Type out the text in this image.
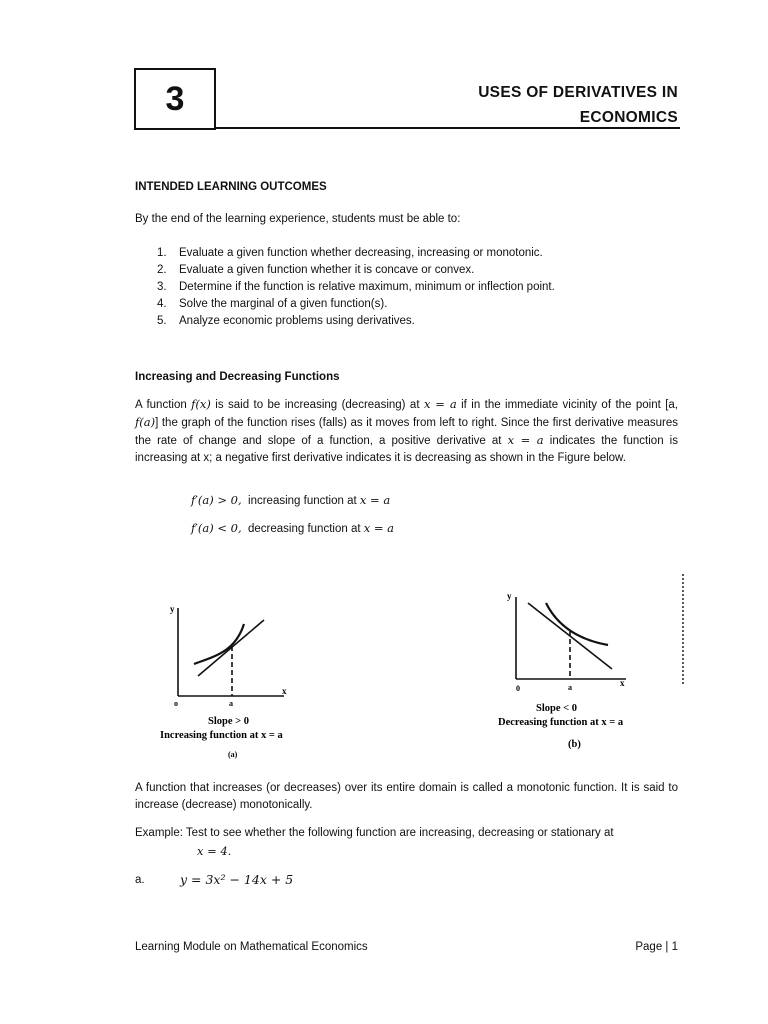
3	USES OF DERIVATIVES IN
ECONOMICS
INTENDED LEARNING OUTCOMES
By the end of the learning experience, students must be able to:
1.	Evaluate a given function whether decreasing, increasing or monotonic.
2.	Evaluate a given function whether it is concave or convex.
3.	Determine if the function is relative maximum, minimum or inflection point.
4.	Solve the marginal of a given function(s).
5.	Analyze economic problems using derivatives.
Increasing and Decreasing Functions
A function f(x) is said to be increasing (decreasing) at x = a if in the immediate vicinity of the point [a, f(a)] the graph of the function rises (falls) as it moves from left to right. Since the first derivative measures the rate of change and slope of a function, a positive derivative at x = a indicates the function is increasing at x; a negative first derivative indicates it is decreasing as shown in the Figure below.
f′(a) > 0, increasing function at x = a
f′(a) < 0, decreasing function at x = a
y
x
a
o
Slope > 0
Increasing function at x = a
(a)
y
x
a
0
Slope < 0
Decreasing function at x = a
(b)
A function that increases (or decreases) over its entire domain is called a monotonic function. It is said to increase (decrease) monotonically.
Example: Test to see whether the following function are increasing, decreasing or stationary at
x = 4.
a.	y = 3x² − 14x + 5
Learning Module on Mathematical Economics	Page | 1
